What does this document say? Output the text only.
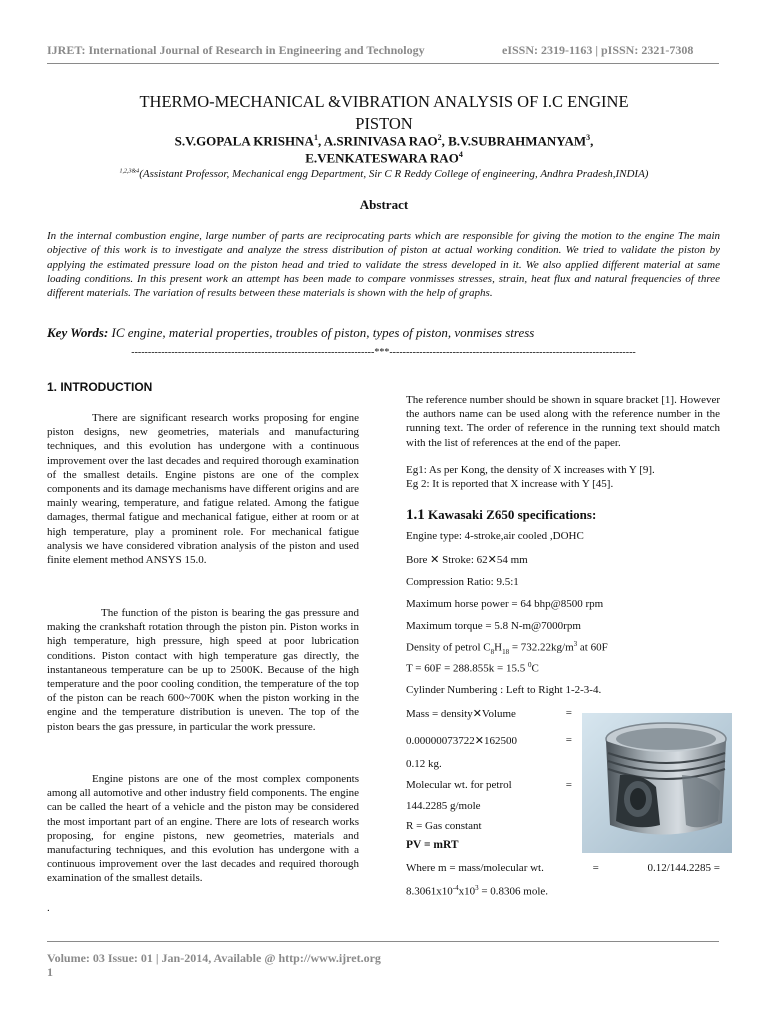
IJRET: International Journal of Research in Engineering and Technology	eISSN: 2319-1163 | pISSN: 2321-7308
THERMO-MECHANICAL &VIBRATION ANALYSIS OF I.C ENGINE
PISTON
S.V.GOPALA KRISHNA$^1$, A.SRINIVASA RAO$^2$, B.V.SUBRAHMANYAM$^3$,
E.VENKATESWARA RAO$^4$
$^{1,2,3\&4}$(Assistant Professor, Mechanical engg Department, Sir C R Reddy College of engineering, Andhra Pradesh,INDIA)
Abstract
In the internal combustion engine, large number of parts are reciprocating parts which are responsible for giving the motion to the engine The main objective of this work is to investigate and analyze the stress distribution of piston at actual working condition. We tried to validate the piston by applying the estimated pressure load on the piston head and tried to validate the stress developed in it. We also applied different material at same loading conditions. In this present work an attempt has been made to compare vonmisses stresses, strain, heat flux and natural frequencies of three different materials. The variation of results between these materials is shown with the help of graphs.
Key Words: IC engine, material properties, troubles of piston, types of piston, vonmises stress
-------------------------------------------------------------------------***--------------------------------------------------------------------------
1. INTRODUCTION
There are significant research works proposing for engine piston designs, new geometries, materials and manufacturing techniques, and this evolution has undergone with a continuous improvement over the last decades and required thorough examination of the smallest details. Engine pistons are one of the complex components and its damage mechanisms have different origins and are mainly wearing, temperature, and fatigue related. Among the fatigue damages, thermal fatigue and mechanical fatigue, either at room or at high temperature, play a prominent role. For mechanical fatigue analysis we have considered vibration analysis of the piston and used finite element method ANSYS 15.0.
The function of the piston is bearing the gas pressure and making the crankshaft rotation through the piston pin. Piston works in high temperature, high pressure, high speed at poor lubrication conditions. Piston contact with high temperature gas directly, the instantaneous temperature can be up to 2500K. Because of the high temperature and the poor cooling condition, the temperature of the top of the piston can be reach 600~700K when the piston working in the engine and the temperature distribution is uneven. The top of the piston bears the gas pressure, in particular the work pressure.
Engine pistons are one of the most complex components among all automotive and other industry field components. The engine can be called the heart of a vehicle and the piston may be considered the most important part of an engine. There are lots of research works proposing, for engine pistons, new geometries, materials and manufacturing techniques, and this evolution has undergone with a continuous improvement over the last decades and required thorough examination of the smallest details.
.
The reference number should be shown in square bracket [1]. However the authors name can be used along with the reference number in the running text. The order of reference in the running text should match with the list of references at the end of the paper.
Eg1: As per Kong, the density of X increases with Y [9].
Eg 2: It is reported that X increase with Y [45].
1.1 Kawasaki Z650 specifications:
Engine type: 4-stroke,air cooled ,DOHC
Bore ✕ Stroke: 62✕54 mm
Compression Ratio: 9.5:1
Maximum horse power = 64 bhp@8500 rpm
Maximum torque = 5.8 N-m@7000rpm
Density of petrol $C_8H_{18} = 732.22kg/m^3$ at 60F
T = 60F = 288.855k = 15.5 $^0$C
Cylinder Numbering : Left to Right 1-2-3-4.
Mass = density✕Volume	=
0.00000073722✕162500	=
0.12 kg.
Molecular wt. for petrol	=
144.2285 g/mole
R = Gas constant
PV = mRT
Where m = mass/molecular wt.	=	0.12/144.2285 =
$8.3061x10^{-4}x10^3 = 0.8306$ mole.
Volume: 03 Issue: 01 | Jan-2014, Available @ http://www.ijret.org
1
